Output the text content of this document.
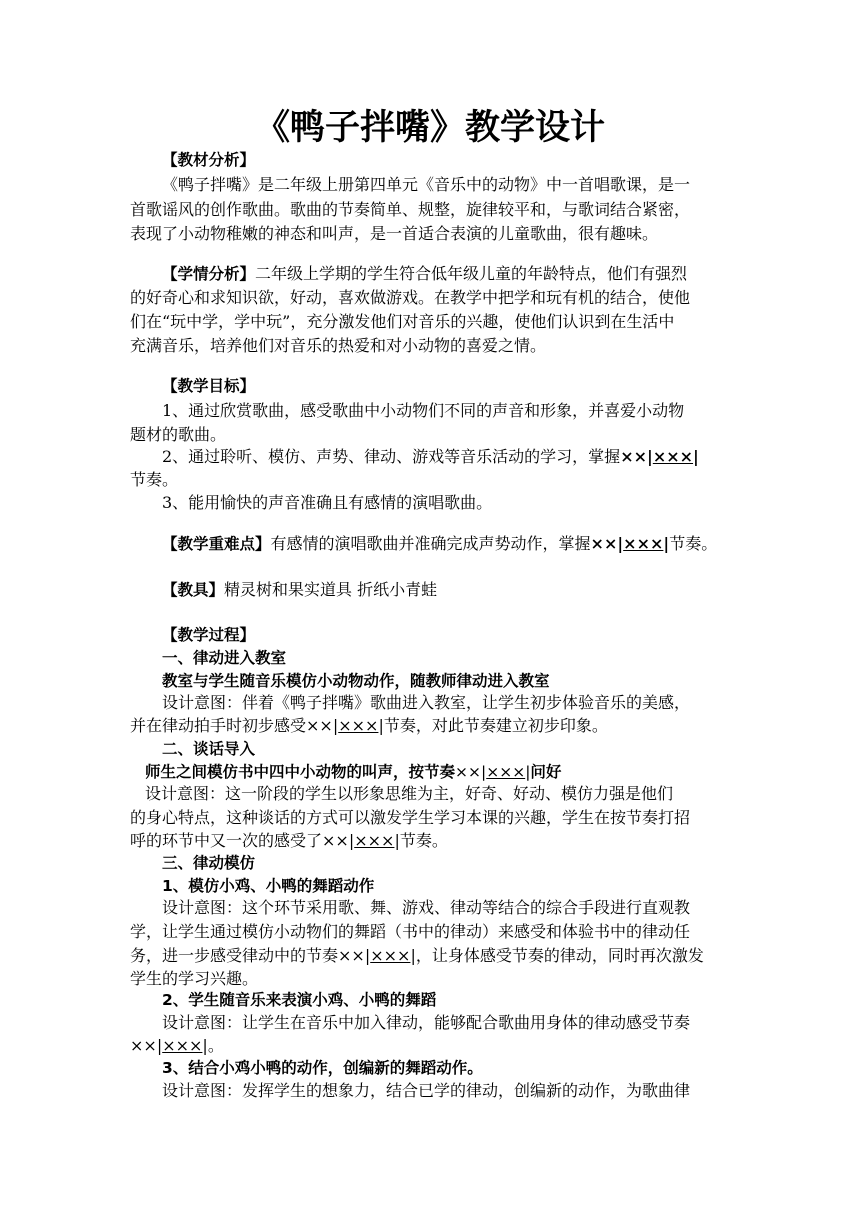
《鸭子拌嘴》教学设计
【教材分析】
《鸭子拌嘴》是二年级上册第四单元《音乐中的动物》中一首唱歌课，是一
首歌谣风的创作歌曲。歌曲的节奏简单、规整，旋律较平和，与歌词结合紧密，
表现了小动物稚嫩的神态和叫声，是一首适合表演的儿童歌曲，很有趣味。
【学情分析】二年级上学期的学生符合低年级儿童的年龄特点，他们有强烈
的好奇心和求知识欲，好动，喜欢做游戏。在教学中把学和玩有机的结合，使他
们在“玩中学，学中玩”，充分激发他们对音乐的兴趣，使他们认识到在生活中
充满音乐，培养他们对音乐的热爱和对小动物的喜爱之情。
【教学目标】
1、通过欣赏歌曲，感受歌曲中小动物们不同的声音和形象，并喜爱小动物
题材的歌曲。
2、通过聆听、模仿、声势、律动、游戏等音乐活动的学习，掌握××|×××|
节奏。
3、能用愉快的声音准确且有感情的演唱歌曲。
【教学重难点】有感情的演唱歌曲并准确完成声势动作，掌握××|×××|节奏。
【教具】精灵树和果实道具 折纸小青蛙
【教学过程】
一、律动进入教室
教室与学生随音乐模仿小动物动作，随教师律动进入教室
设计意图：伴着《鸭子拌嘴》歌曲进入教室，让学生初步体验音乐的美感，
并在律动拍手时初步感受××|×××|节奏，对此节奏建立初步印象。
二、谈话导入
师生之间模仿书中四中小动物的叫声，按节奏××|×××|问好
设计意图：这一阶段的学生以形象思维为主，好奇、好动、模仿力强是他们
的身心特点，这种谈话的方式可以激发学生学习本课的兴趣，学生在按节奏打招
呼的环节中又一次的感受了××|×××|节奏。
三、律动模仿
1、模仿小鸡、小鸭的舞蹈动作
设计意图：这个环节采用歌、舞、游戏、律动等结合的综合手段进行直观教
学，让学生通过模仿小动物们的舞蹈（书中的律动）来感受和体验书中的律动任
务，进一步感受律动中的节奏××|×××|，让身体感受节奏的律动，同时再次激发
学生的学习兴趣。
2、学生随音乐来表演小鸡、小鸭的舞蹈
设计意图：让学生在音乐中加入律动，能够配合歌曲用身体的律动感受节奏
××|×××|。
3、结合小鸡小鸭的动作，创编新的舞蹈动作。
设计意图：发挥学生的想象力，结合已学的律动，创编新的动作，为歌曲律
